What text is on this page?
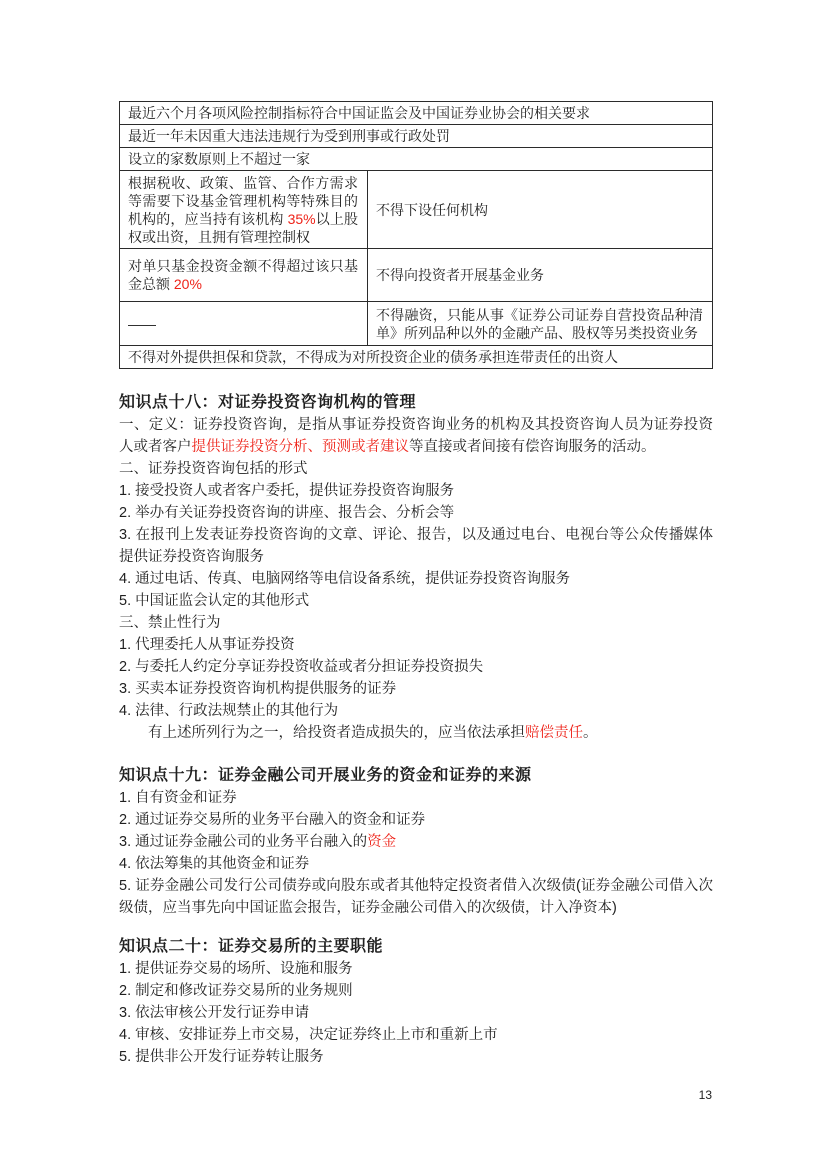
最近六个月各项风险控制指标符合中国证监会及中国证券业协会的相关要求	
最近一年未因重大违法违规行为受到刑事或行政处罚	
设立的家数原则上不超过一家	
根据税收、政策、监管、合作方需求等需要下设基金管理机构等特殊目的机构的，应当持有该机构 35%以上股权或出资，且拥有管理控制权	不得下设任何机构
对单只基金投资金额不得超过该只基金总额 20%	不得向投资者开展基金业务
——	不得融资，只能从事《证券公司证券自营投资品种清单》所列品种以外的金融产品、股权等另类投资业务
不得对外提供担保和贷款，不得成为对所投资企业的债务承担连带责任的出资人	
知识点十八：对证券投资咨询机构的管理

一、定义：证券投资咨询，是指从事证券投资咨询业务的机构及其投资咨询人员为证券投资人或者客户提供证券投资分析、预测或者建议等直接或者间接有偿咨询服务的活动。

二、证券投资咨询包括的形式

1. 接受投资人或者客户委托，提供证券投资咨询服务

2. 举办有关证券投资咨询的讲座、报告会、分析会等

3. 在报刊上发表证券投资咨询的文章、评论、报告，以及通过电台、电视台等公众传播媒体提供证券投资咨询服务

4. 通过电话、传真、电脑网络等电信设备系统，提供证券投资咨询服务

5. 中国证监会认定的其他形式

三、禁止性行为

1. 代理委托人从事证券投资

2. 与委托人约定分享证券投资收益或者分担证券投资损失

3. 买卖本证券投资咨询机构提供服务的证券

4. 法律、行政法规禁止的其他行为

有上述所列行为之一，给投资者造成损失的，应当依法承担赔偿责任。

知识点十九：证券金融公司开展业务的资金和证券的来源

1. 自有资金和证券

2. 通过证券交易所的业务平台融入的资金和证券

3. 通过证券金融公司的业务平台融入的资金

4. 依法筹集的其他资金和证券

5. 证券金融公司发行公司债券或向股东或者其他特定投资者借入次级债(证券金融公司借入次级债，应当事先向中国证监会报告，证券金融公司借入的次级债，计入净资本)

知识点二十：证券交易所的主要职能

1. 提供证券交易的场所、设施和服务

2. 制定和修改证券交易所的业务规则

3. 依法审核公开发行证券申请

4. 审核、安排证券上市交易，决定证券终止上市和重新上市

5. 提供非公开发行证券转让服务

13
